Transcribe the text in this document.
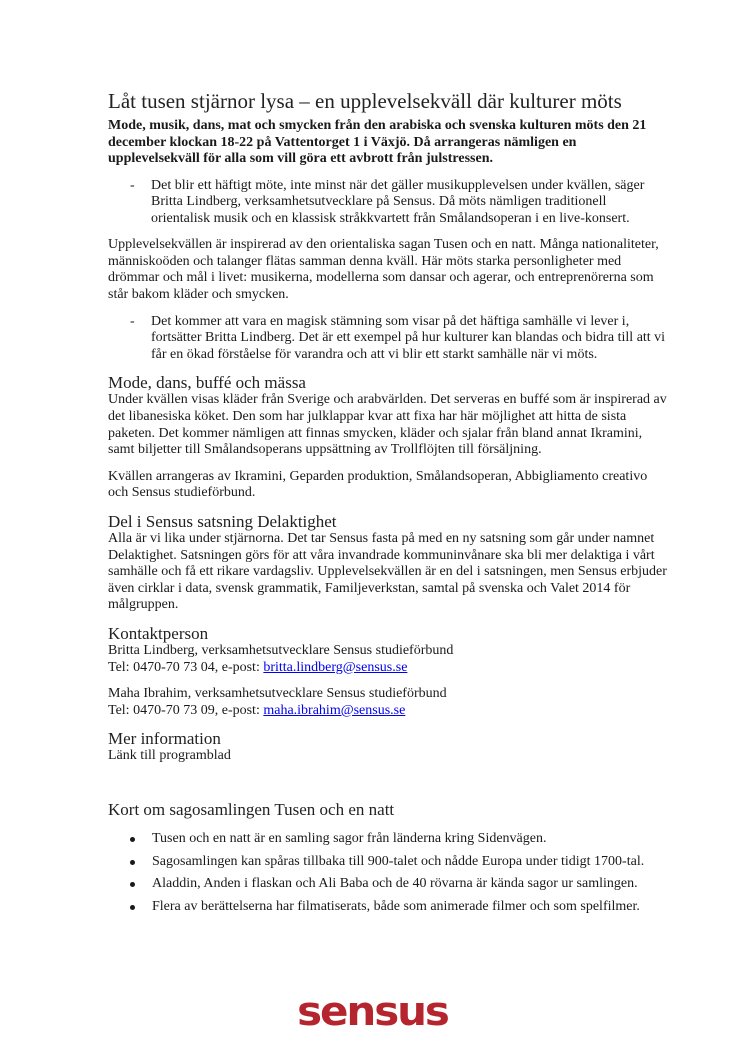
Låt tusen stjärnor lysa – en upplevelsekväll där kulturer möts

Mode, musik, dans, mat och smycken från den arabiska och svenska kulturen möts den 21 december klockan 18-22 på Vattentorget 1 i Växjö. Då arrangeras nämligen en upplevelsekväll för alla som vill göra ett avbrott från julstressen.

- Det blir ett häftigt möte, inte minst när det gäller musikupplevelsen under kvällen, säger Britta Lindberg, verksamhetsutvecklare på Sensus. Då möts nämligen traditionell orientalisk musik och en klassisk stråkkvartett från Smålandsoperan i en live-konsert.

Upplevelsekvällen är inspirerad av den orientaliska sagan Tusen och en natt. Många nationaliteter, människoöden och talanger flätas samman denna kväll. Här möts starka personligheter med drömmar och mål i livet: musikerna, modellerna som dansar och agerar, och entreprenörerna som står bakom kläder och smycken.

- Det kommer att vara en magisk stämning som visar på det häftiga samhälle vi lever i, fortsätter Britta Lindberg. Det är ett exempel på hur kulturer kan blandas och bidra till att vi får en ökad förståelse för varandra och att vi blir ett starkt samhälle när vi möts.
Mode, dans, buffé och mässa

Under kvällen visas kläder från Sverige och arabvärlden. Det serveras en buffé som är inspirerad av det libanesiska köket. Den som har julklappar kvar att fixa har här möjlighet att hitta de sista paketen. Det kommer nämligen att finnas smycken, kläder och sjalar från bland annat Ikramini, samt biljetter till Smålandsoperans uppsättning av Trollflöjten till försäljning.

Kvällen arrangeras av Ikramini, Geparden produktion, Smålandsoperan, Abbigliamento creativo och Sensus studieförbund.

Del i Sensus satsning Delaktighet

Alla är vi lika under stjärnorna. Det tar Sensus fasta på med en ny satsning som går under namnet Delaktighet. Satsningen görs för att våra invandrade kommuninvånare ska bli mer delaktiga i vårt samhälle och få ett rikare vardagsliv. Upplevelsekvällen är en del i satsningen, men Sensus erbjuder även cirklar i data, svensk grammatik, Familjeverkstan, samtal på svenska och Valet 2014 för målgruppen.

Kontaktperson

Britta Lindberg, verksamhetsutvecklare Sensus studieförbund

Tel: 0470-70 73 04, e-post: britta.lindberg@sensus.se

Maha Ibrahim, verksamhetsutvecklare Sensus studieförbund

Tel: 0470-70 73 09, e-post: maha.ibrahim@sensus.se

Mer information

Länk till programblad

Kort om sagosamlingen Tusen och en natt
Tusen och en natt är en samling sagor från länderna kring Sidenvägen.
Sagosamlingen kan spåras tillbaka till 900-talet och nådde Europa under tidigt 1700-tal.
Aladdin, Anden i flaskan och Ali Baba och de 40 rövarna är kända sagor ur samlingen.
Flera av berättelserna har filmatiserats, både som animerade filmer och som spelfilmer.
sensus
